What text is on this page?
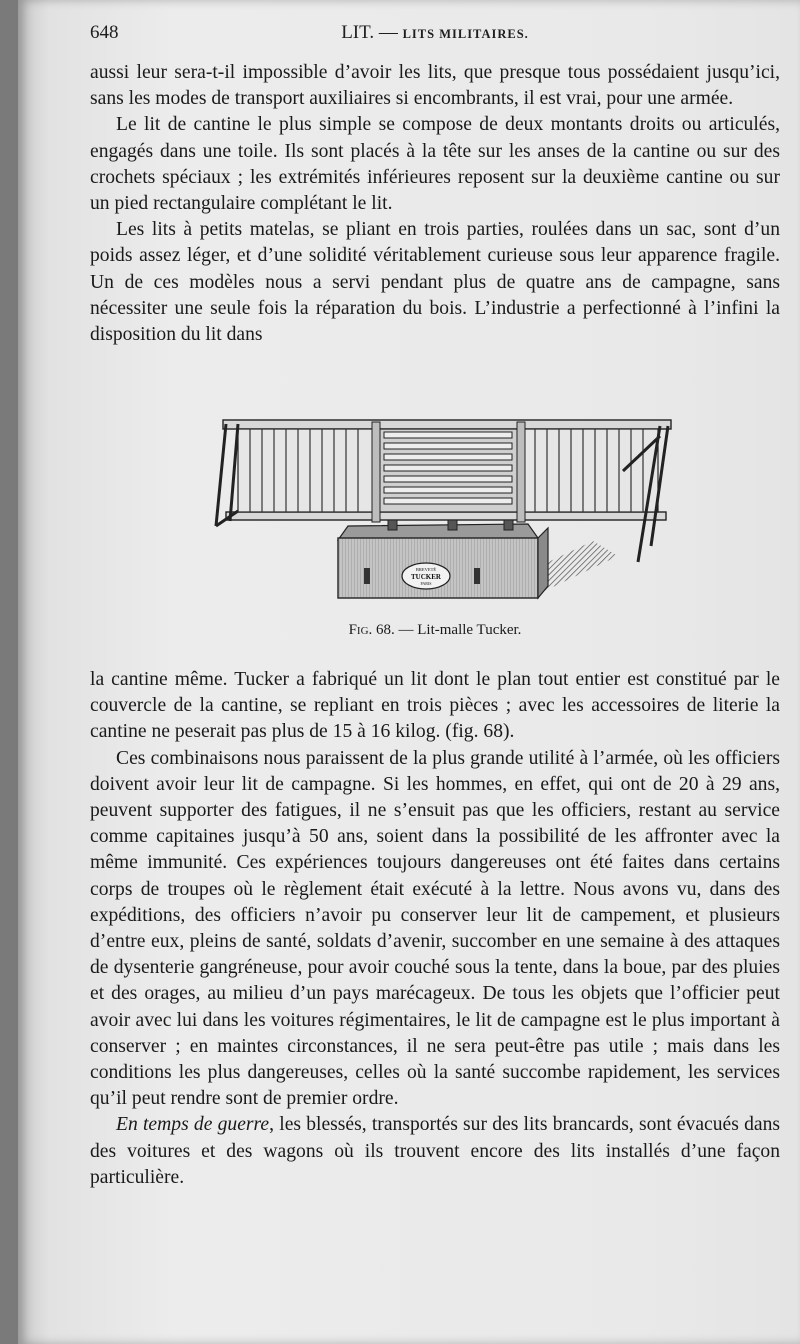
648	LIT. — LITS MILITAIRES.

aussi leur sera-t-il impossible d’avoir les lits, que presque tous possédaient jusqu’ici, sans les modes de transport auxiliaires si encombrants, il est vrai, pour une armée.

Le lit de cantine le plus simple se compose de deux montants droits ou articulés, engagés dans une toile. Ils sont placés à la tête sur les anses de la cantine ou sur des crochets spéciaux ; les extrémités inférieures reposent sur la deuxième cantine ou sur un pied rectangulaire complétant le lit.

Les lits à petits matelas, se pliant en trois parties, roulées dans un sac, sont d’un poids assez léger, et d’une solidité véritablement curieuse sous leur apparence fragile. Un de ces modèles nous a servi pendant plus de quatre ans de campagne, sans nécessiter une seule fois la réparation du bois. L’industrie a perfectionné à l’infini la disposition du lit dans

BREVETÉ
TUCKER
PARIS
Fig. 68. — Lit-malle Tucker.

la cantine même. Tucker a fabriqué un lit dont le plan tout entier est constitué par le couvercle de la cantine, se repliant en trois pièces ; avec les accessoires de literie la cantine ne peserait pas plus de 15 à 16 kilog. (fig. 68).

Ces combinaisons nous paraissent de la plus grande utilité à l’armée, où les officiers doivent avoir leur lit de campagne. Si les hommes, en effet, qui ont de 20 à 29 ans, peuvent supporter des fatigues, il ne s’ensuit pas que les officiers, restant au service comme capitaines jusqu’à 50 ans, soient dans la possibilité de les affronter avec la même immunité. Ces expériences toujours dangereuses ont été faites dans certains corps de troupes où le règlement était exécuté à la lettre. Nous avons vu, dans des expéditions, des officiers n’avoir pu conserver leur lit de campement, et plusieurs d’entre eux, pleins de santé, soldats d’avenir, succomber en une semaine à des attaques de dysenterie gangréneuse, pour avoir couché sous la tente, dans la boue, par des pluies et des orages, au milieu d’un pays marécageux. De tous les objets que l’officier peut avoir avec lui dans les voitures régimentaires, le lit de campagne est le plus important à conserver ; en maintes circonstances, il ne sera peut-être pas utile ; mais dans les conditions les plus dangereuses, celles où la santé succombe rapidement, les services qu’il peut rendre sont de premier ordre.

En temps de guerre, les blessés, transportés sur des lits brancards, sont évacués dans des voitures et des wagons où ils trouvent encore des lits installés d’une façon particulière.
